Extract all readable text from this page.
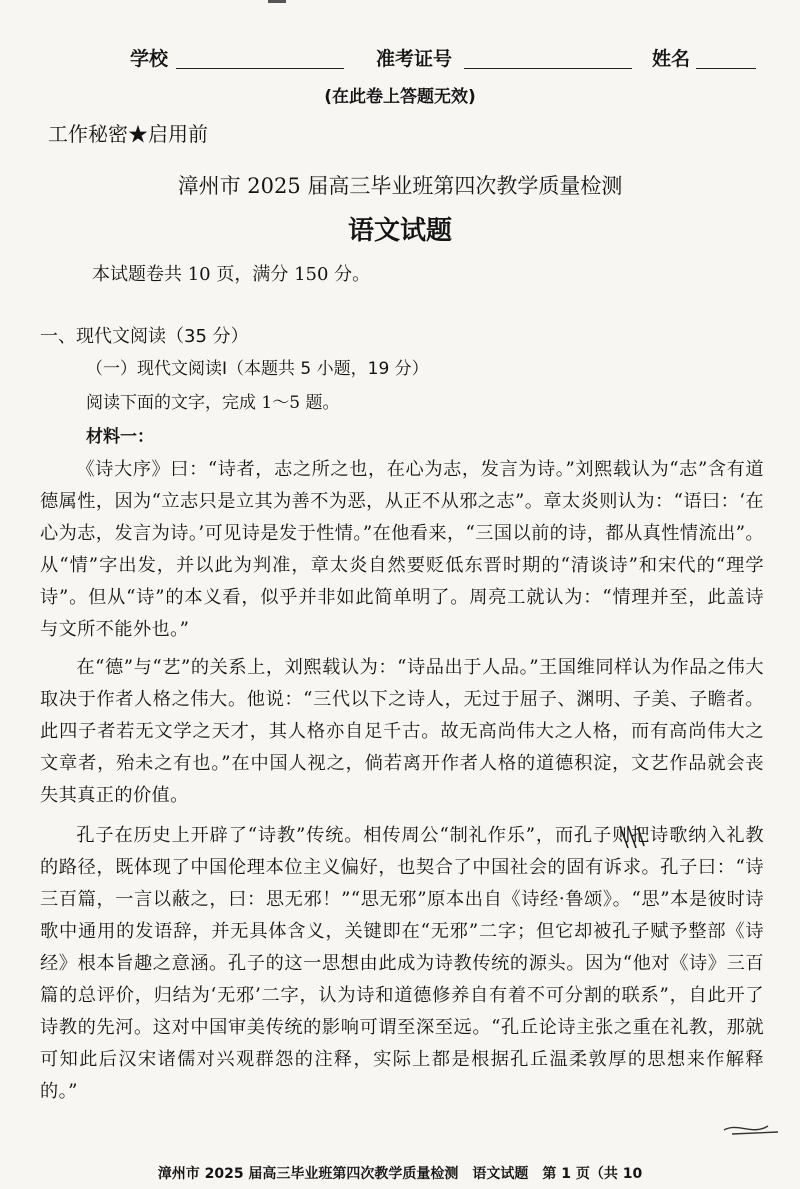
学校	准考证号	姓名
(在此卷上答题无效)
工作秘密★启用前
漳州市 2025 届高三毕业班第四次教学质量检测
语文试题
本试题卷共 10 页，满分 150 分。
一、现代文阅读（35 分）
（一）现代文阅读Ⅰ（本题共 5 小题，19 分）
阅读下面的文字，完成 1～5 题。
材料一：
《诗大序》曰：“诗者，志之所之也，在心为志，发言为诗。”刘熙载认为“志”含有道德属性，因为“立志只是立其为善不为恶，从正不从邪之志”。章太炎则认为：“语曰：‘在心为志，发言为诗。’可见诗是发于性情。”在他看来，“三国以前的诗，都从真性情流出”。从“情”字出发，并以此为判准，章太炎自然要贬低东晋时期的“清谈诗”和宋代的“理学诗”。但从“诗”的本义看，似乎并非如此简单明了。周亮工就认为：“情理并至，此盖诗与文所不能外也。”
在“德”与“艺”的关系上，刘熙载认为：“诗品出于人品。”王国维同样认为作品之伟大取决于作者人格之伟大。他说：“三代以下之诗人，无过于屈子、渊明、子美、子瞻者。此四子者若无文学之天才，其人格亦自足千古。故无高尚伟大之人格，而有高尚伟大之文章者，殆未之有也。”在中国人视之，倘若离开作者人格的道德积淀，文艺作品就会丧失其真正的价值。
孔子在历史上开辟了“诗教”传统。相传周公“制礼作乐”，而孔子则把诗歌纳入礼教的路径，既体现了中国伦理本位主义偏好，也契合了中国社会的固有诉求。孔子曰：“诗三百篇，一言以蔽之，曰：思无邪！”“思无邪”原本出自《诗经·鲁颂》。“思”本是彼时诗歌中通用的发语辞，并无具体含义，关键即在“无邪”二字；但它却被孔子赋予整部《诗经》根本旨趣之意涵。孔子的这一思想由此成为诗教传统的源头。因为“他对《诗》三百篇的总评价，归结为‘无邪’二字，认为诗和道德修养自有着不可分割的联系”，自此开了诗教的先河。这对中国审美传统的影响可谓至深至远。“孔丘论诗主张之重在礼教，那就可知此后汉宋诸儒对兴观群怨的注释，实际上都是根据孔丘温柔敦厚的思想来作解释的。”
漳州市 2025 届高三毕业班第四次教学质量检测　语文试题　第 1 页（共 10
